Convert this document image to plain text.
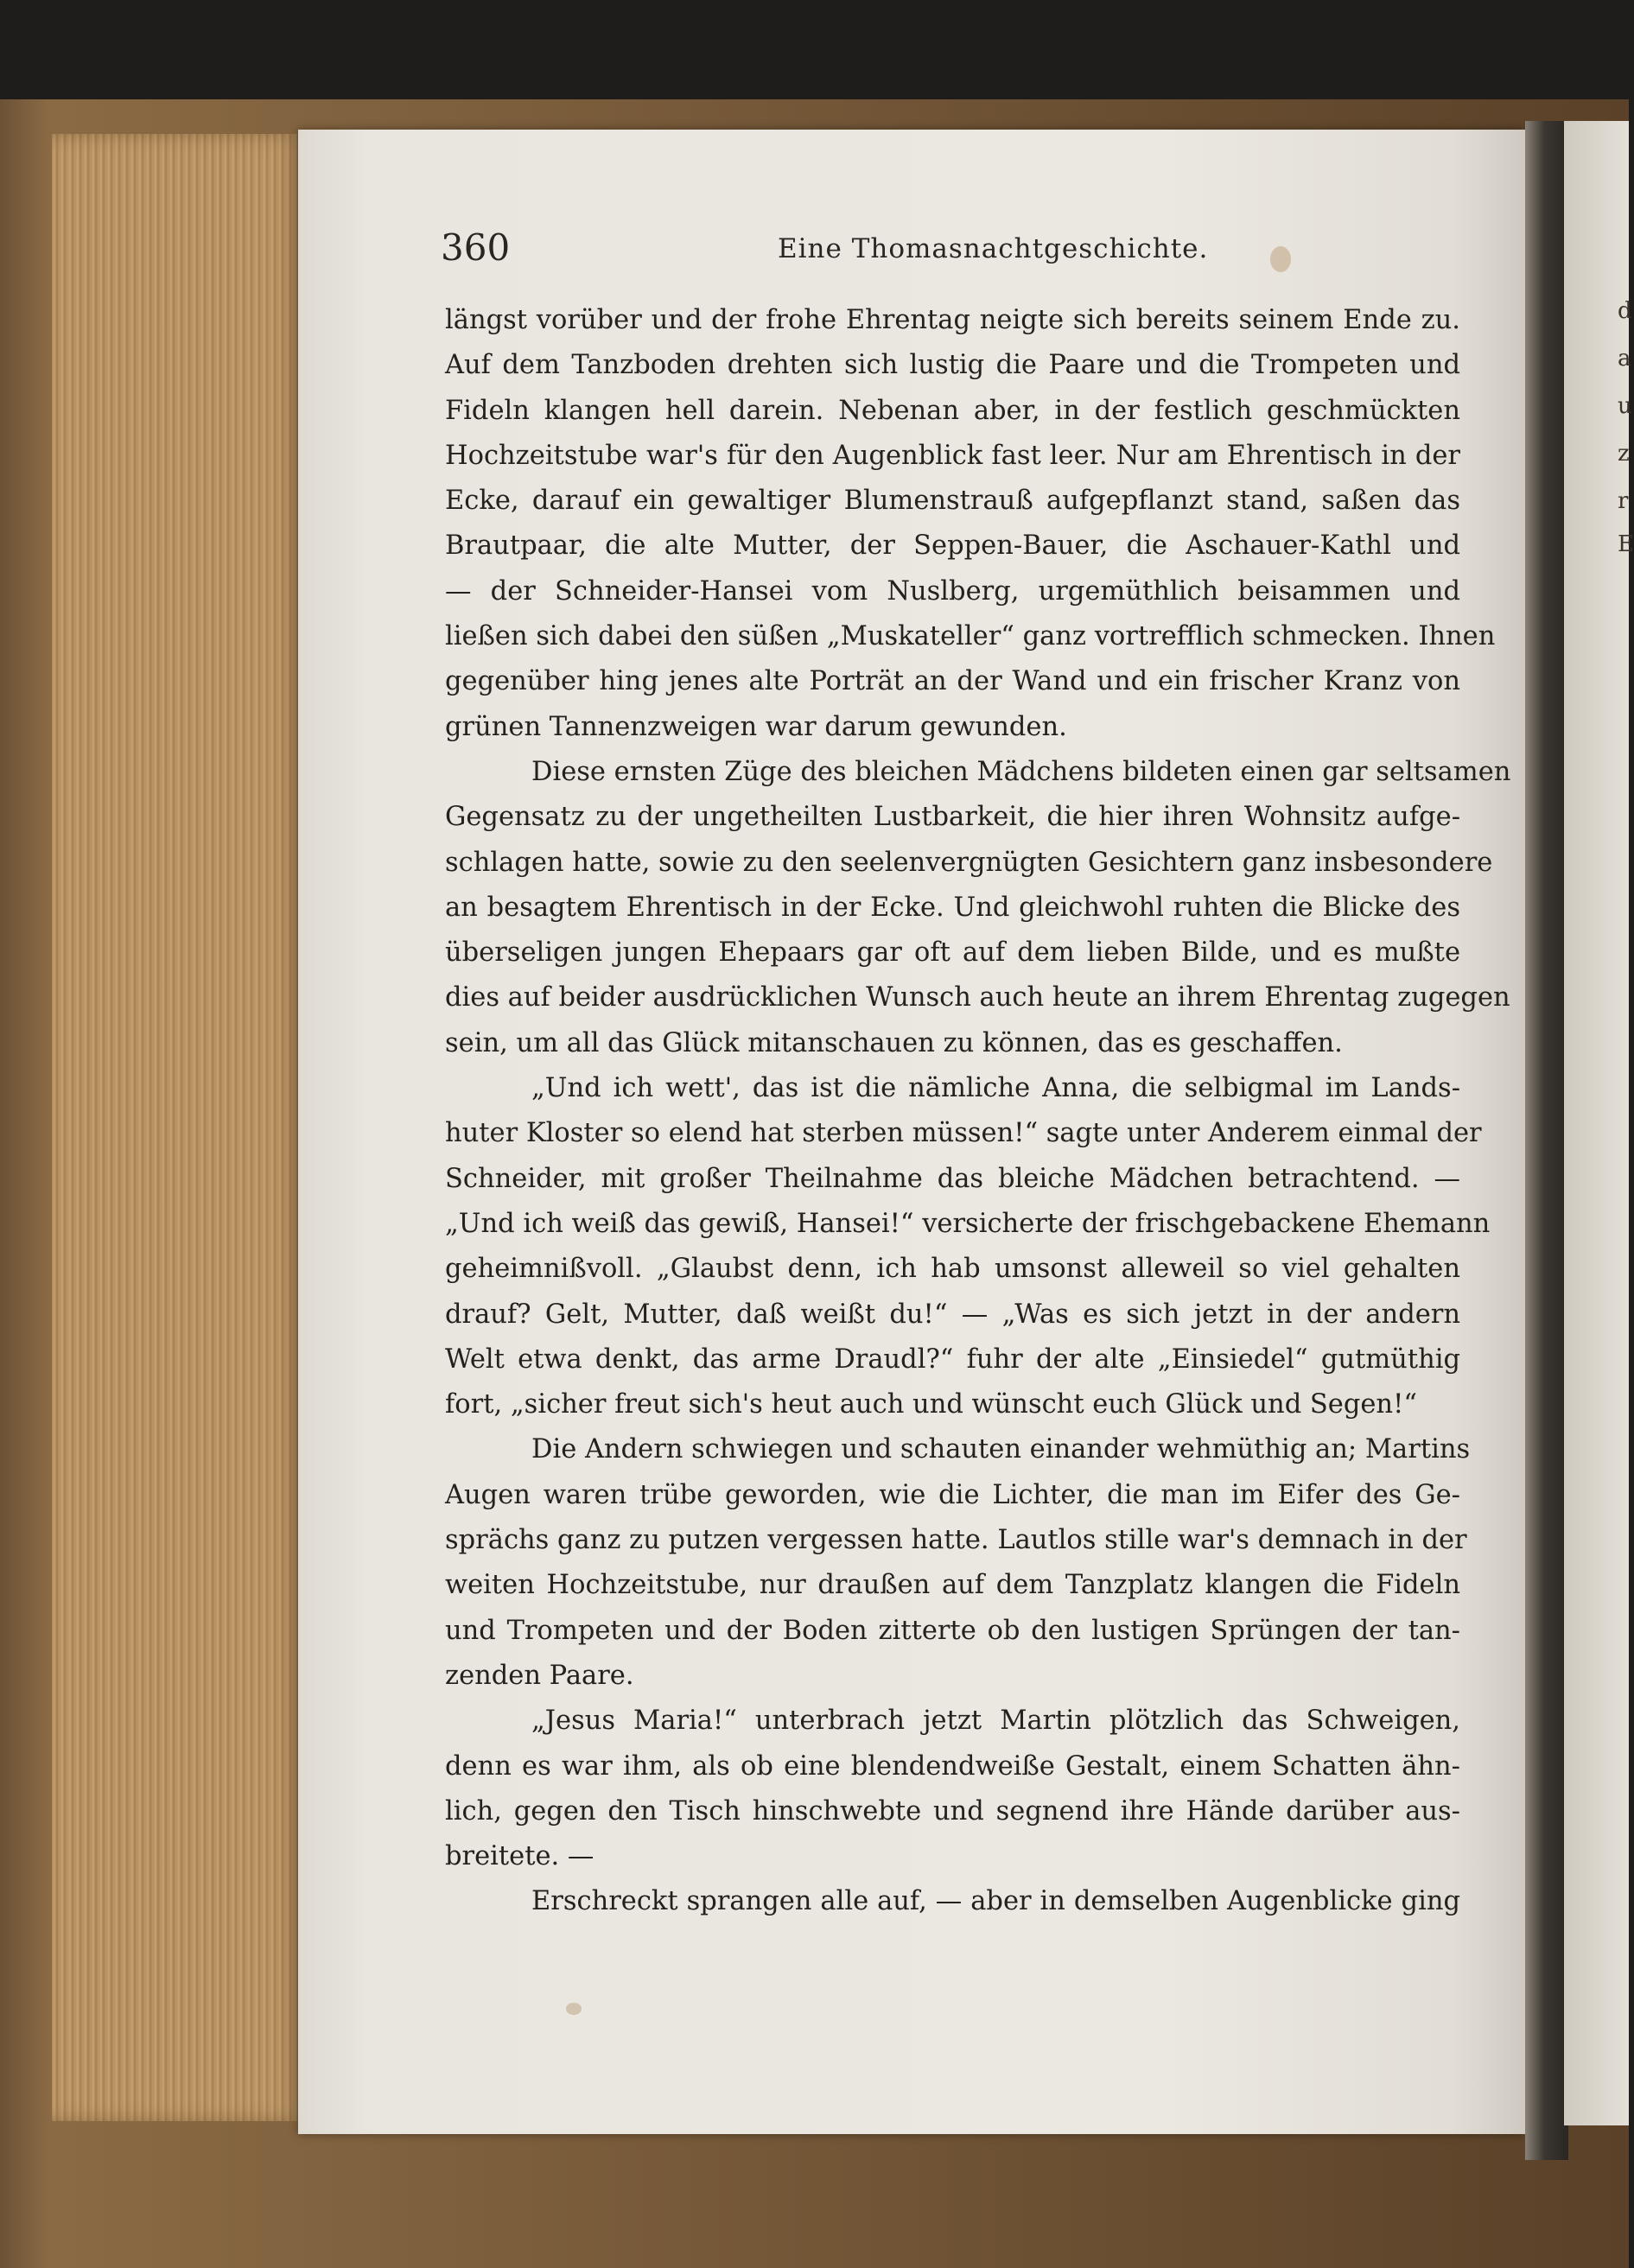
d
a
u
z
r
E
360	Eine Thomasnachtgeschichte.
längst vorüber und der frohe Ehrentag neigte sich bereits seinem Ende zu.
Auf dem Tanzboden drehten sich lustig die Paare und die Trompeten und
Fideln klangen hell darein. Nebenan aber, in der festlich geschmückten
Hochzeitstube war's für den Augenblick fast leer. Nur am Ehrentisch in der
Ecke, darauf ein gewaltiger Blumenstrauß aufgepflanzt stand, saßen das
Brautpaar, die alte Mutter, der Seppen-Bauer, die Aschauer-Kathl und
— der Schneider-Hansei vom Nuslberg, urgemüthlich beisammen und
ließen sich dabei den süßen „Muskateller“ ganz vortrefflich schmecken. Ihnen
gegenüber hing jenes alte Porträt an der Wand und ein frischer Kranz von
grünen Tannenzweigen war darum gewunden.
Diese ernsten Züge des bleichen Mädchens bildeten einen gar seltsamen
Gegensatz zu der ungetheilten Lustbarkeit, die hier ihren Wohnsitz aufge-
schlagen hatte, sowie zu den seelenvergnügten Gesichtern ganz insbesondere
an besagtem Ehrentisch in der Ecke. Und gleichwohl ruhten die Blicke des
überseligen jungen Ehepaars gar oft auf dem lieben Bilde, und es mußte
dies auf beider ausdrücklichen Wunsch auch heute an ihrem Ehrentag zugegen
sein, um all das Glück mitanschauen zu können, das es geschaffen.
„Und ich wett', das ist die nämliche Anna, die selbigmal im Lands-
huter Kloster so elend hat sterben müssen!“ sagte unter Anderem einmal der
Schneider, mit großer Theilnahme das bleiche Mädchen betrachtend. —
„Und ich weiß das gewiß, Hansei!“ versicherte der frischgebackene Ehemann
geheimnißvoll. „Glaubst denn, ich hab umsonst alleweil so viel gehalten
drauf? Gelt, Mutter, daß weißt du!“ — „Was es sich jetzt in der andern
Welt etwa denkt, das arme Draudl?“ fuhr der alte „Einsiedel“ gutmüthig
fort, „sicher freut sich's heut auch und wünscht euch Glück und Segen!“
Die Andern schwiegen und schauten einander wehmüthig an; Martins
Augen waren trübe geworden, wie die Lichter, die man im Eifer des Ge-
sprächs ganz zu putzen vergessen hatte. Lautlos stille war's demnach in der
weiten Hochzeitstube, nur draußen auf dem Tanzplatz klangen die Fideln
und Trompeten und der Boden zitterte ob den lustigen Sprüngen der tan-
zenden Paare.
„Jesus Maria!“ unterbrach jetzt Martin plötzlich das Schweigen,
denn es war ihm, als ob eine blendendweiße Gestalt, einem Schatten ähn-
lich, gegen den Tisch hinschwebte und segnend ihre Hände darüber aus-
breitete. —
Erschreckt sprangen alle auf, — aber in demselben Augenblicke ging
